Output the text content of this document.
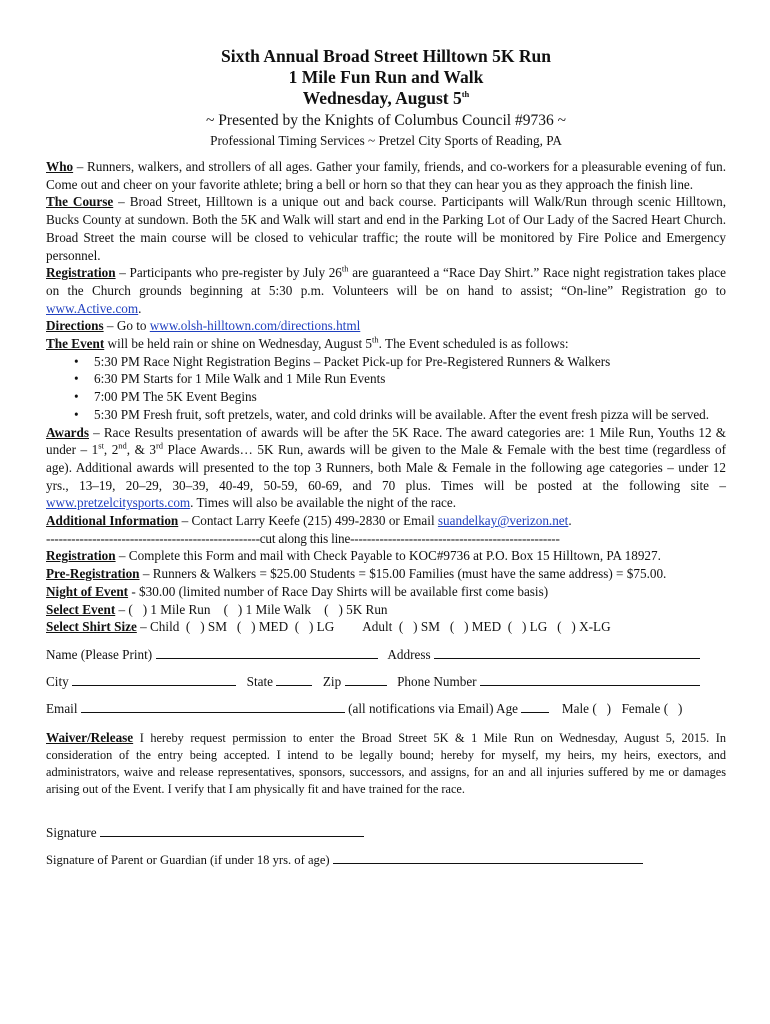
Sixth Annual Broad Street Hilltown 5K Run
1 Mile Fun Run and Walk
Wednesday, August 5th
~ Presented by the Knights of Columbus Council #9736 ~
Professional Timing Services ~ Pretzel City Sports of Reading, PA

Who – Runners, walkers, and strollers of all ages. Gather your family, friends, and co-workers for a pleasurable evening of fun. Come out and cheer on your favorite athlete; bring a bell or horn so that they can hear you as they approach the finish line.

The Course – Broad Street, Hilltown is a unique out and back course. Participants will Walk/Run through scenic Hilltown, Bucks County at sundown. Both the 5K and Walk will start and end in the Parking Lot of Our Lady of the Sacred Heart Church. Broad Street the main course will be closed to vehicular traffic; the route will be monitored by Fire Police and Emergency personnel.

Registration – Participants who pre-register by July 26th are guaranteed a “Race Day Shirt.” Race night registration takes place on the Church grounds beginning at 5:30 p.m. Volunteers will be on hand to assist; “On-line” Registration go to www.Active.com.

Directions – Go to www.olsh-hilltown.com/directions.html

The Event will be held rain or shine on Wednesday, August 5th. The Event scheduled is as follows:

• 5:30 PM Race Night Registration Begins – Packet Pick-up for Pre-Registered Runners & Walkers
• 6:30 PM Starts for 1 Mile Walk and 1 Mile Run Events
• 7:00 PM The 5K Event Begins
• 5:30 PM Fresh fruit, soft pretzels, water, and cold drinks will be available. After the event fresh pizza will be served.

Awards – Race Results presentation of awards will be after the 5K Race. The award categories are: 1 Mile Run, Youths 12 & under – 1st, 2nd, & 3rd Place Awards… 5K Run, awards will be given to the Male & Female with the best time (regardless of age). Additional awards will presented to the top 3 Runners, both Male & Female in the following age categories – under 12 yrs., 13–19, 20–29, 30–39, 40-49, 50-59, 60-69, and 70 plus. Times will be posted at the following site – www.pretzelcitysports.com. Times will also be available the night of the race.

Additional Information – Contact Larry Keefe (215) 499-2830 or Email suandelkay@verizon.net.

---------------------------------------------------cut along this line--------------------------------------------------

Registration – Complete this Form and mail with Check Payable to KOC#9736 at P.O. Box 15 Hilltown, PA 18927.

Pre-Registration – Runners & Walkers = $25.00 Students = $15.00 Families (must have the same address) = $75.00.

Night of Event - $30.00 (limited number of Race Day Shirts will be available first come basis)

Select Event – (   ) 1 Mile Run    (   ) 1 Mile Walk    (   ) 5K Run

Select Shirt Size – Child  (   ) SM   (   ) MED  (   ) LG Adult  (   ) SM   (   ) MED  (   ) LG   (   ) X-LG

Name (Please Print)	Address
City	State	Zip	Phone Number
Email	(all notifications via Email) Age	Male (   ) Female (   )

Waiver/Release I hereby request permission to enter the Broad Street 5K & 1 Mile Run on Wednesday, August 5, 2015. In consideration of the entry being accepted. I intend to be legally bound; hereby for myself, my heirs, my heirs, exectors, and administrators, waive and release representatives, sponsors, successors, and assigns, for an and all injuries suffered by me or damages arising out of the Event. I verify that I am physically fit and have trained for the race.

Signature
Signature of Parent or Guardian (if under 18 yrs. of age)
